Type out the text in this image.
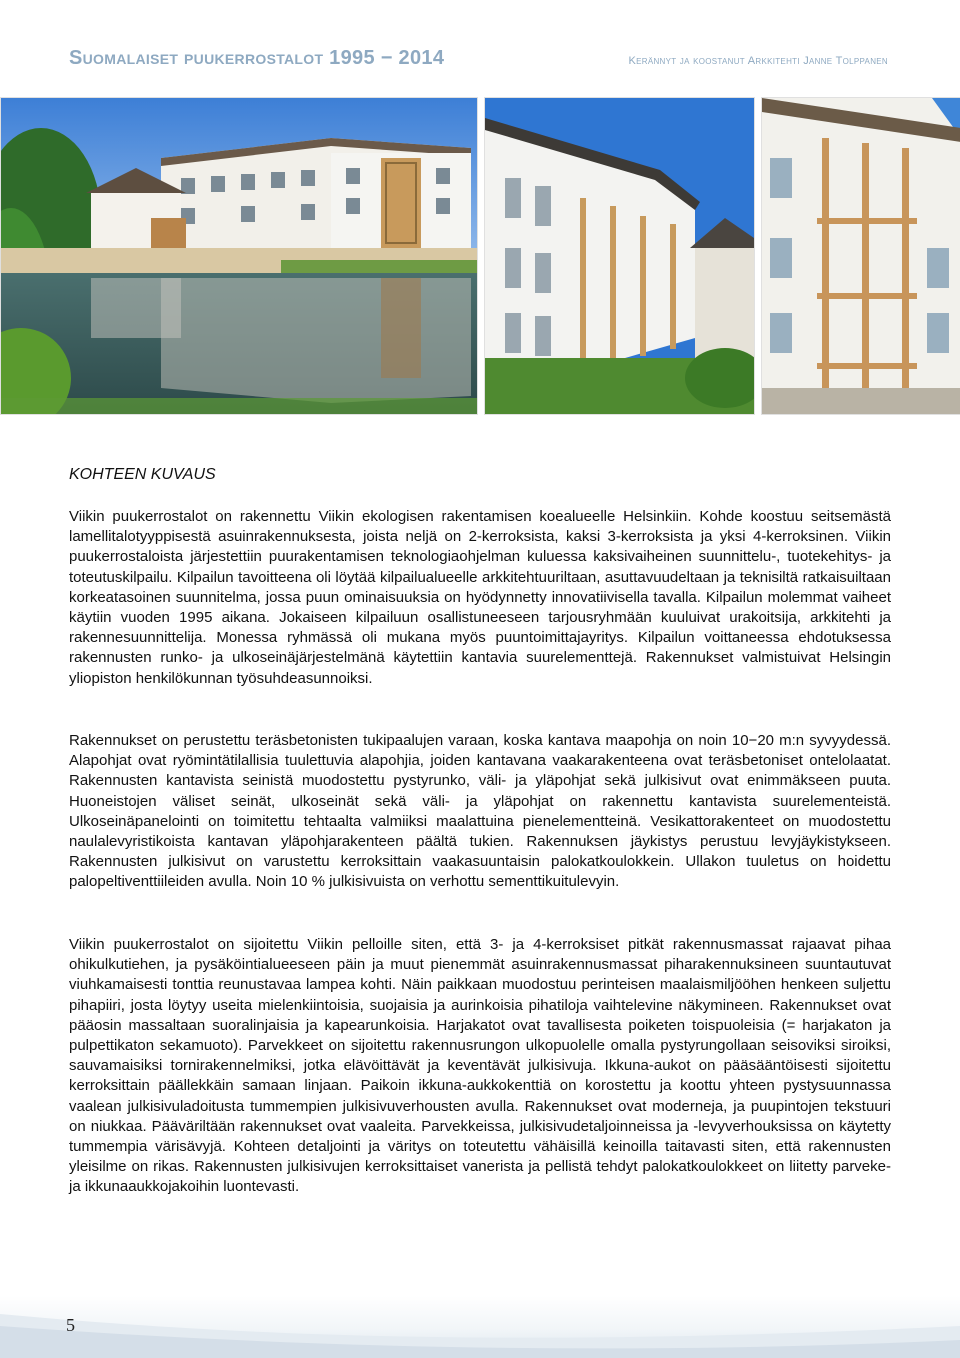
Suomalaiset puukerrostalot 1995 − 2014	Kerännyt ja koostanut Arkkitehti Janne Tolppanen
KOHTEEN KUVAUS

Viikin puukerrostalot on rakennettu Viikin ekologisen rakentamisen koealueelle Helsinkiin. Kohde koostuu seitsemästä lamellitalotyyppisestä asuinrakennuksesta, joista neljä on 2-kerroksista, kaksi 3-kerroksista ja yksi 4-kerroksinen. Viikin puukerrostaloista järjestettiin puurakentamisen teknologiaohjelman kuluessa kaksivaiheinen suunnittelu-, tuotekehitys- ja toteutuskilpailu. Kilpailun tavoitteena oli löytää kilpailualueelle arkkitehtuuriltaan, asuttavuudeltaan ja teknisiltä ratkaisuiltaan korkeatasoinen suunnitelma, jossa puun ominaisuuksia on hyödynnetty innovatiivisella tavalla. Kilpailun molemmat vaiheet käytiin vuoden 1995 aikana. Jokaiseen kilpailuun osallistuneeseen tarjousryhmään kuuluivat urakoitsija, arkkitehti ja rakennesuunnittelija. Monessa ryhmässä oli mukana myös puuntoimittajayritys. Kilpailun voittaneessa ehdotuksessa rakennusten runko- ja ulkoseinäjärjestelmänä käytettiin kantavia suurelementtejä. Rakennukset valmistuivat Helsingin yliopiston henkilökunnan työsuhdeasunnoiksi.

Rakennukset on perustettu teräsbetonisten tukipaalujen varaan, koska kantava maapohja on noin 10−20 m:n syvyydessä. Alapohjat ovat ryömintätilallisia tuulettuvia alapohjia, joiden kantavana vaakarakenteena ovat teräsbetoniset ontelolaatat. Rakennusten kantavista seinistä muodostettu pystyrunko, väli- ja yläpohjat sekä julkisivut ovat enimmäkseen puuta. Huoneistojen väliset seinät, ulkoseinät sekä väli- ja yläpohjat on rakennettu kantavista suurelementeistä. Ulkoseinäpanelointi on toimitettu tehtaalta valmiiksi maalattuina pienelementteinä. Vesikattorakenteet on muodostettu naulalevyristikoista kantavan yläpohjarakenteen päältä tukien. Rakennuksen jäykistys perustuu levyjäykistykseen. Rakennusten julkisivut on varustettu kerroksittain vaakasuuntaisin palokatkoulokkein. Ullakon tuuletus on hoidettu palopeltiventtiileiden avulla. Noin 10 % julkisivuista on verhottu sementtikuitulevyin.

Viikin puukerrostalot on sijoitettu Viikin pelloille siten, että 3- ja 4-kerroksiset pitkät rakennusmassat rajaavat pihaa ohikulkutiehen, ja pysäköintialueeseen päin ja muut pienemmät asuinrakennusmassat piharakennuksineen suuntautuvat viuhkamaisesti tonttia reunustavaa lampea kohti. Näin paikkaan muodostuu perinteisen maalaismiljööhen henkeen suljettu pihapiiri, josta löytyy useita mielenkiintoisia, suojaisia ja aurinkoisia pihatiloja vaihtelevine näkymineen. Rakennukset ovat pääosin massaltaan suoralinjaisia ja kapearunkoisia. Harjakatot ovat tavallisesta poiketen toispuoleisia (= harjakaton ja pulpettikaton sekamuoto). Parvekkeet on sijoitettu rakennusrungon ulkopuolelle omalla pystyrungollaan seisoviksi siroiksi, sauvamaisiksi tornirakennelmiksi, jotka elävöittävät ja keventävät julkisivuja. Ikkuna-aukot on pääsääntöisesti sijoitettu kerroksittain päällekkäin samaan linjaan. Paikoin ikkuna-aukkokenttiä on korostettu ja koottu yhteen pystysuunnassa vaalean julkisivuladoitusta tummempien julkisivuverhousten avulla. Rakennukset ovat moderneja, ja puupintojen tekstuuri on niukkaa. Pääväriltään rakennukset ovat vaaleita. Parvekkeissa, julkisivudetaljoinneissa ja -levyverhouksissa on käytetty tummempia värisävyjä. Kohteen detaljointi ja väritys on toteutettu vähäisillä keinoilla taitavasti siten, että rakennusten yleisilme on rikas. Rakennusten julkisivujen kerroksittaiset vanerista ja pellistä tehdyt palokatkoulokkeet on liitetty parveke- ja ikkunaaukkojakoihin luontevasti.

5
